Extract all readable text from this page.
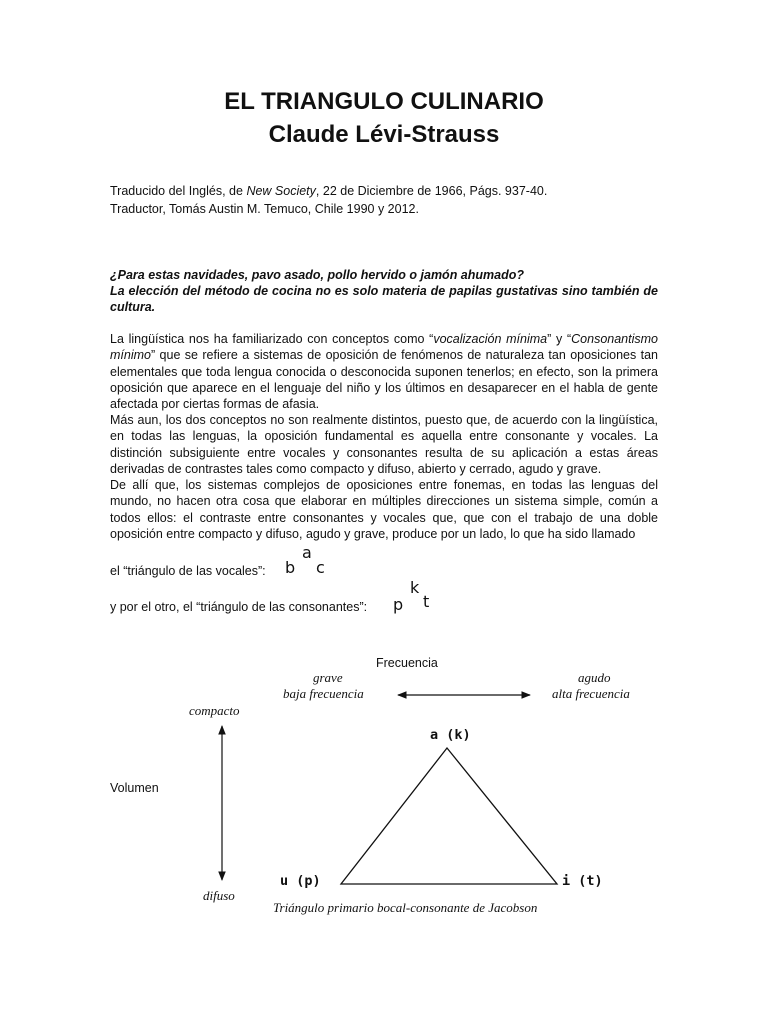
EL TRIANGULO CULINARIO
Claude Lévi-Strauss
Traducido del Inglés, de New Society, 22 de Diciembre de 1966, Págs. 937-40.
Traductor, Tomás Austin M. Temuco, Chile 1990 y 2012.
¿Para estas navidades, pavo asado, pollo hervido o jamón ahumado?
La elección del método de cocina no es solo materia de papilas gustativas sino también de cultura.
La lingüística nos ha familiarizado con conceptos como “vocalización mínima” y “Consonantismo mínimo” que se refiere a sistemas de oposición de fenómenos de naturaleza tan oposiciones tan elementales que toda lengua conocida o desconocida suponen tenerlos; en efecto, son la primera oposición que aparece en el lenguaje del niño y los últimos en desaparecer en el habla de gente afectada por ciertas formas de afasia.
Más aun, los dos conceptos no son realmente distintos, puesto que, de acuerdo con la lingüística, en todas las lenguas, la oposición fundamental es aquella entre consonante y vocales. La distinción subsiguiente entre vocales y consonantes resulta de su aplicación a estas áreas derivadas de contrastes tales como compacto y difuso, abierto y cerrado, agudo y grave.
De allí que, los sistemas complejos de oposiciones entre fonemas, en todas las lenguas del mundo, no hacen otra cosa que elaborar en múltiples direcciones un sistema simple, común a todos ellos: el contraste entre consonantes y vocales que, que con el trabajo de una doble oposición entre compacto y difuso, agudo y grave, produce por un lado, lo que ha sido llamado
el “triángulo de las vocales”:
a
b c
y por el otro, el “triángulo de las consonantes”:
k
p t
Frecuencia
grave
baja frecuencia
agudo
alta frecuencia
compacto
Volumen
difuso
a (k)
u (p)	i (t)
Triángulo primario bocal-consonante de Jacobson
